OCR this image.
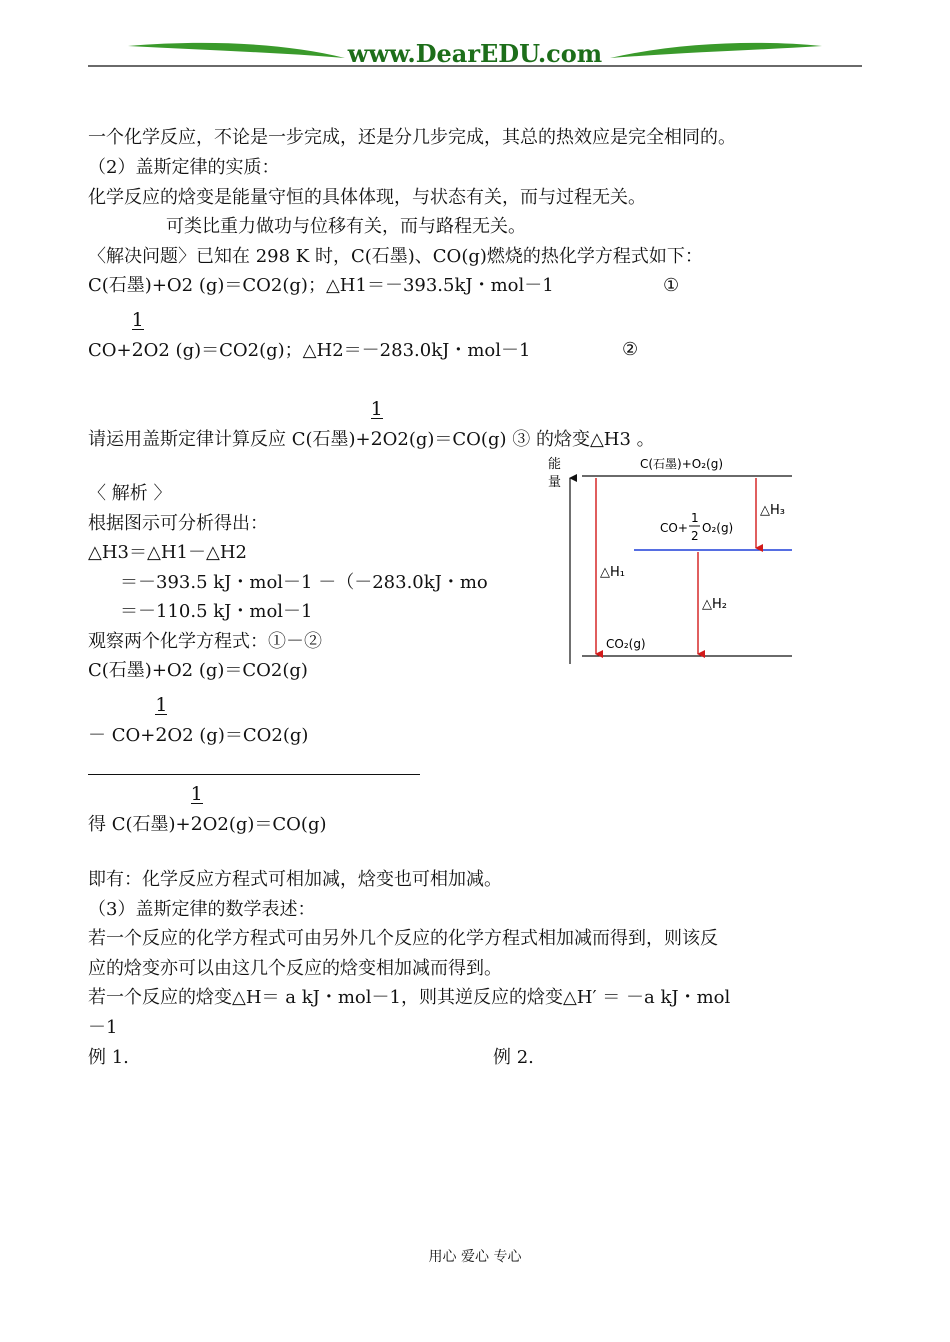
www.DearEDU.com
一个化学反应，不论是一步完成，还是分几步完成，其总的热效应是完全相同的。
（2）盖斯定律的实质：
化学反应的焓变是能量守恒的具体体现，与状态有关，而与过程无关。
可类比重力做功与位移有关，而与路程无关。
〈解决问题〉已知在 298 K 时，C(石墨)、CO(g)燃烧的热化学方程式如下：
C(石墨)+O2 (g)＝CO2(g)；△H1＝－393.5kJ・mol－1	①
$CO+ \frac{1}{2}O2$ (g)＝CO2(g)；△H2＝－283.0kJ・mol－1	②
请运用盖斯定律计算反应 C(石墨)+ $\frac{1}{2}O2(g)=CO(g)$ ③ 的焓变△H3 。
〈 解析 〉
根据图示可分析得出：
△H3＝△H1－△H2
＝－393.5 kJ・mol－1 －（－283.0kJ・mo
＝－110.5 kJ・mol－1
观察两个化学方程式：①－②
C(石墨)+O2 (g)＝CO2(g)
－ $CO+ \frac{1}{2}O2$ (g)＝CO2(g)
得 C(石墨)+ $\frac{1}{2}O2(g)=CO(g)$
即有：化学反应方程式可相加减，焓变也可相加减。
（3）盖斯定律的数学表述：
若一个反应的化学方程式可由另外几个反应的化学方程式相加减而得到，则该反
应的焓变亦可以由这几个反应的焓变相加减而得到。
若一个反应的焓变△H＝ a kJ・mol－1，则其逆反应的焓变△H′ ＝ －a kJ・mol
－1
例 1.	例 2.
能
量
C(石墨)+O₂(g)
CO+
1
2
O₂(g)
CO₂(g)
△H₁
△H₃
△H₂
用心 爱心 专心
